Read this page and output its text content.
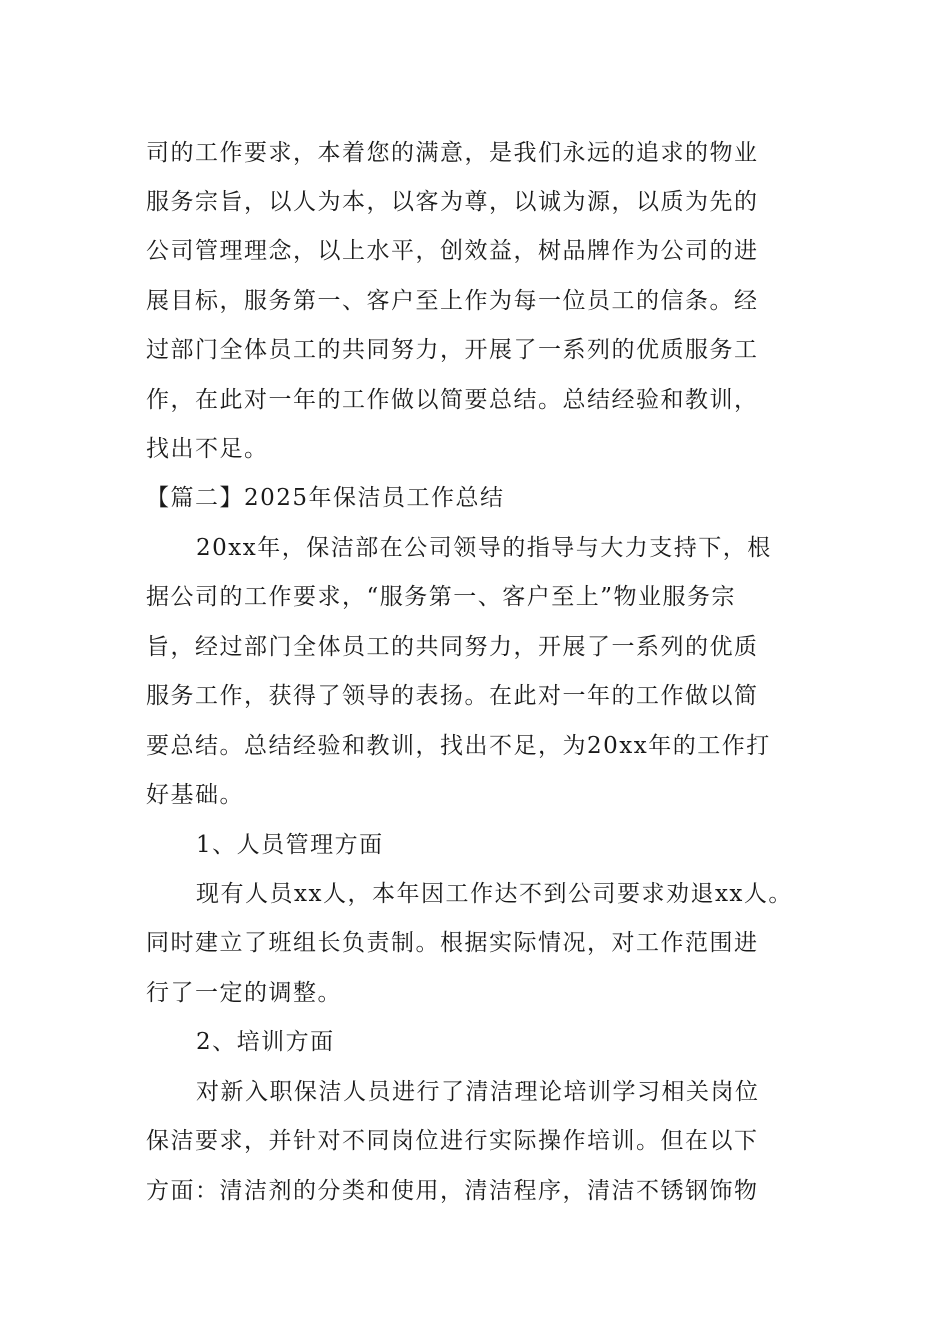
司的工作要求，本着您的满意，是我们永远的追求的物业
服务宗旨，以人为本，以客为尊，以诚为源，以质为先的
公司管理理念，以上水平，创效益，树品牌作为公司的进
展目标，服务第一、客户至上作为每一位员工的信条。经
过部门全体员工的共同努力，开展了一系列的优质服务工
作，在此对一年的工作做以简要总结。总结经验和教训，
找出不足。
【篇二】2025年保洁员工作总结
20xx年，保洁部在公司领导的指导与大力支持下，根
据公司的工作要求，“服务第一、客户至上”物业服务宗
旨，经过部门全体员工的共同努力，开展了一系列的优质
服务工作，获得了领导的表扬。在此对一年的工作做以简
要总结。总结经验和教训，找出不足，为20xx年的工作打
好基础。
1、人员管理方面
现有人员xx人，本年因工作达不到公司要求劝退xx人。
同时建立了班组长负责制。根据实际情况，对工作范围进
行了一定的调整。
2、培训方面
对新入职保洁人员进行了清洁理论培训学习相关岗位
保洁要求，并针对不同岗位进行实际操作培训。但在以下
方面：清洁剂的分类和使用，清洁程序，清洁不锈钢饰物
